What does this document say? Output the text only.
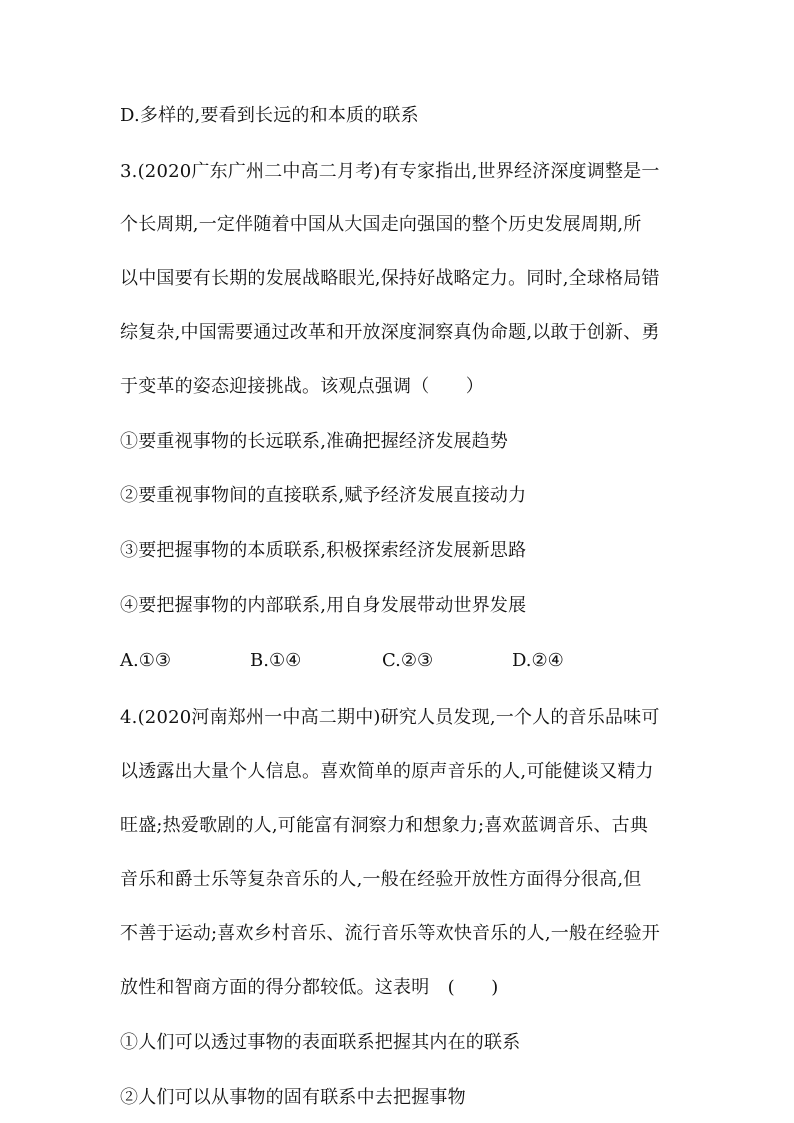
D.多样的,要看到长远的和本质的联系
3.(2020广东广州二中高二月考)有专家指出,世界经济深度调整是一
个长周期,一定伴随着中国从大国走向强国的整个历史发展周期,所
以中国要有长期的发展战略眼光,保持好战略定力。同时,全球格局错
综复杂,中国需要通过改革和开放深度洞察真伪命题,以敢于创新、勇
于变革的姿态迎接挑战。该观点强调（　　）
①要重视事物的长远联系,准确把握经济发展趋势
②要重视事物间的直接联系,赋予经济发展直接动力
③要把握事物的本质联系,积极探索经济发展新思路
④要把握事物的内部联系,用自身发展带动世界发展
A.①③	B.①④	C.②③	D.②④
4.(2020河南郑州一中高二期中)研究人员发现,一个人的音乐品味可
以透露出大量个人信息。喜欢简单的原声音乐的人,可能健谈又精力
旺盛;热爱歌剧的人,可能富有洞察力和想象力;喜欢蓝调音乐、古典
音乐和爵士乐等复杂音乐的人,一般在经验开放性方面得分很高,但
不善于运动;喜欢乡村音乐、流行音乐等欢快音乐的人,一般在经验开
放性和智商方面的得分都较低。这表明　(　　)
①人们可以透过事物的表面联系把握其内在的联系
②人们可以从事物的固有联系中去把握事物
